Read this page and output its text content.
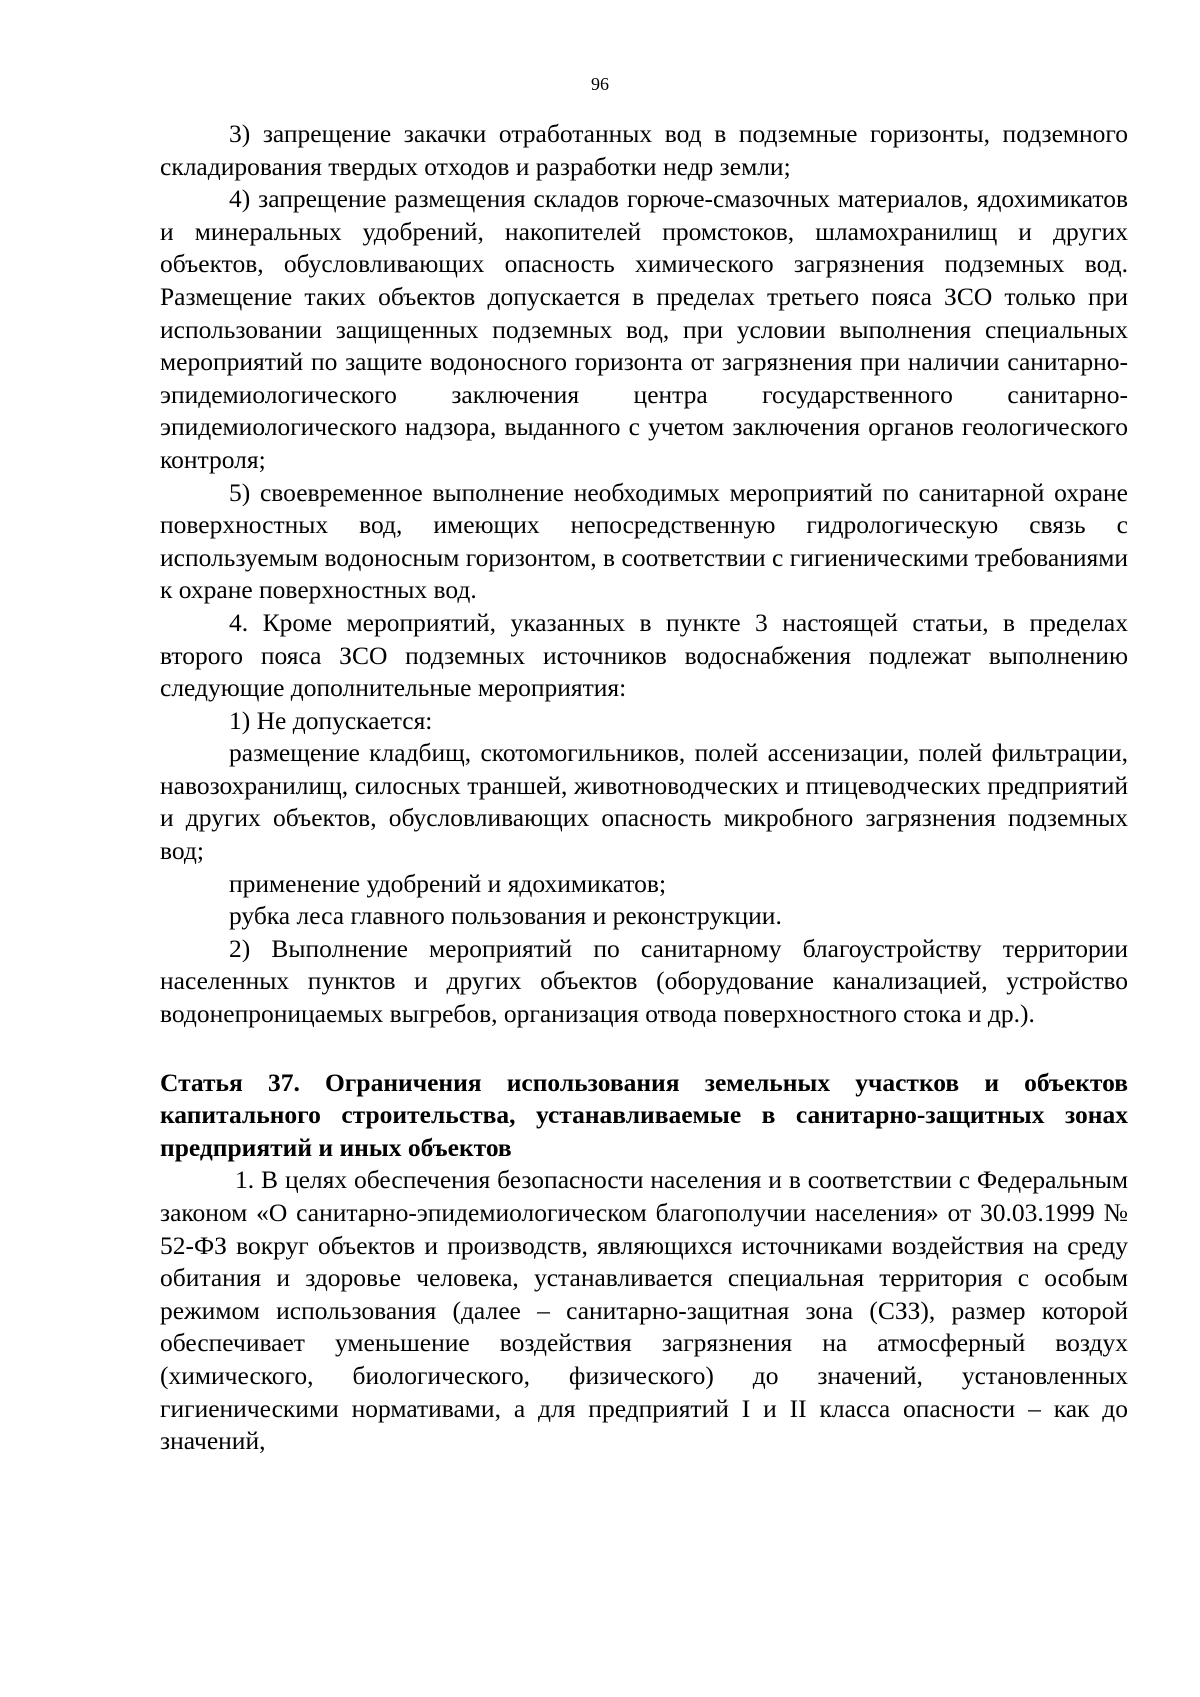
96

3) запрещение закачки отработанных вод в подземные горизонты, подземного складирования твердых отходов и разработки недр земли;

4) запрещение размещения складов горюче-смазочных материалов, ядохимикатов и минеральных удобрений, накопителей промстоков, шламохранилищ и других объектов, обусловливающих опасность химического загрязнения подземных вод. Размещение таких объектов допускается в пределах третьего пояса ЗСО только при использовании защищенных подземных вод, при условии выполнения специальных мероприятий по защите водоносного горизонта от загрязнения при наличии санитарно-эпидемиологического заключения центра государственного санитарно-эпидемиологического надзора, выданного с учетом заключения органов геологического контроля;

5) своевременное выполнение необходимых мероприятий по санитарной охране поверхностных вод, имеющих непосредственную гидрологическую связь с используемым водоносным горизонтом, в соответствии с гигиеническими требованиями к охране поверхностных вод.

4. Кроме мероприятий, указанных в пункте 3 настоящей статьи, в пределах второго пояса ЗСО подземных источников водоснабжения подлежат выполнению следующие дополнительные мероприятия:

1) Не допускается:

размещение кладбищ, скотомогильников, полей ассенизации, полей фильтрации, навозохранилищ, силосных траншей, животноводческих и птицеводческих предприятий и других объектов, обусловливающих опасность микробного загрязнения подземных вод;

применение удобрений и ядохимикатов;

рубка леса главного пользования и реконструкции.

2) Выполнение мероприятий по санитарному благоустройству территории населенных пунктов и других объектов (оборудование канализацией, устройство водонепроницаемых выгребов, организация отвода поверхностного стока и др.).

Статья 37. Ограничения использования земельных участков и объектов капитального строительства, устанавливаемые в санитарно-защитных зонах предприятий и иных объектов

1. В целях обеспечения безопасности населения и в соответствии с Федеральным законом «О санитарно-эпидемиологическом благополучии населения» от 30.03.1999 № 52-ФЗ вокруг объектов и производств, являющихся источниками воздействия на среду обитания и здоровье человека, устанавливается специальная территория с особым режимом использования (далее – санитарно-защитная зона (СЗЗ), размер которой обеспечивает уменьшение воздействия загрязнения на атмосферный воздух (химического, биологического, физического) до значений, установленных гигиеническими нормативами, а для предприятий I и II класса опасности – как до значений,
